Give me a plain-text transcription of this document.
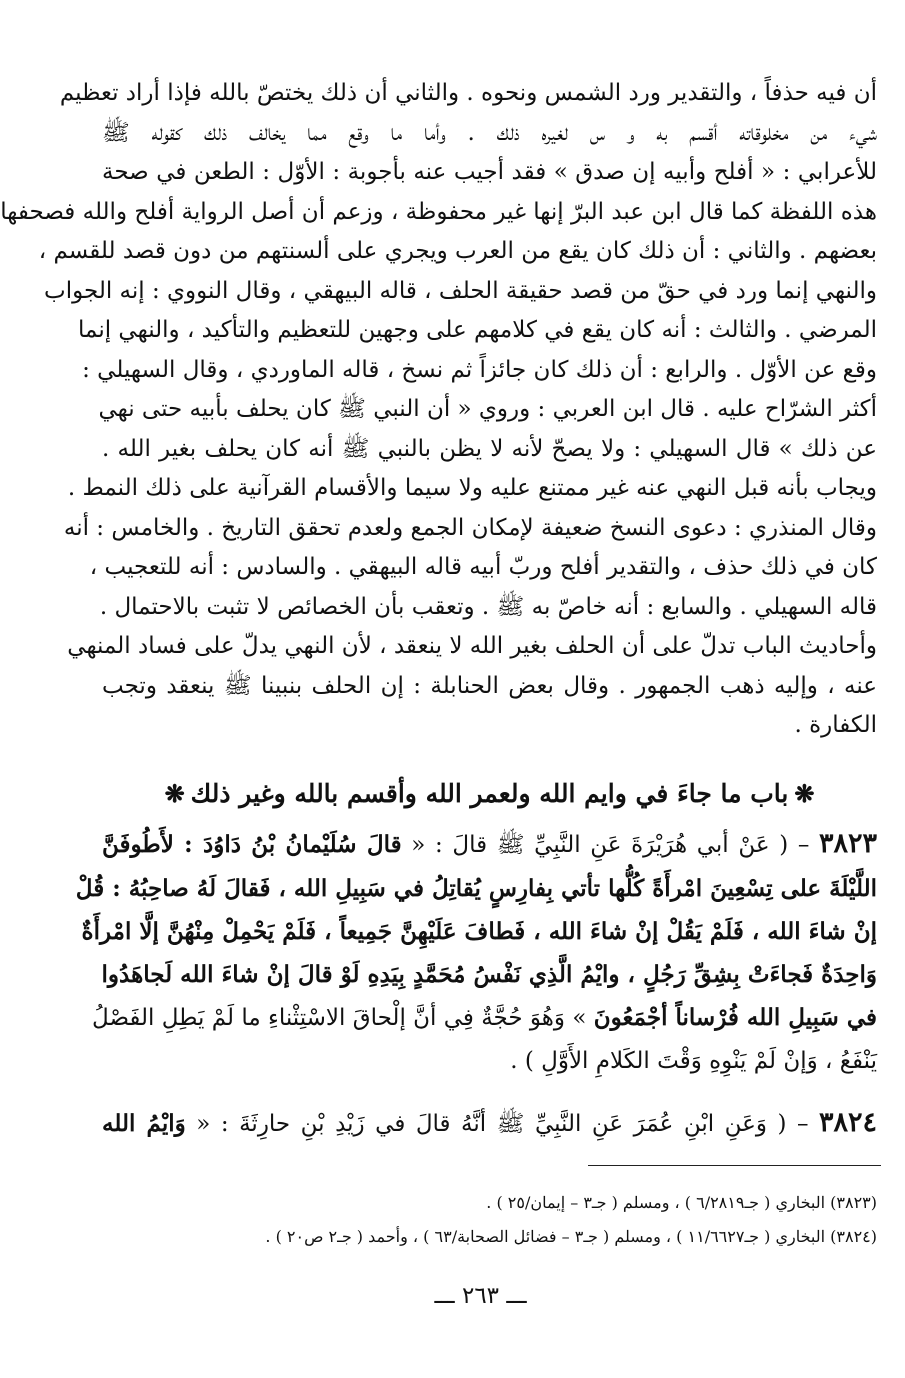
أن فيه حذفاً ، والتقدير ورد الشمس ونحوه . والثاني أن ذلك يختصّ بالله فإذا أراد تعظيم
شيء من مخلوقاته أقسم به و س لغيره ذلك . وأما ما وقع مما يخالف ذلك كقوله ﷺ
للأعرابي : « أفلح وأبيه إن صدق » فقد أجيب عنه بأجوبة : الأوّل : الطعن في صحة
هذه اللفظة كما قال ابن عبد البرّ إنها غير محفوظة ، وزعم أن أصل الرواية أفلح والله فصحفها
بعضهم . والثاني : أن ذلك كان يقع من العرب ويجري على ألسنتهم من دون قصد للقسم ،
والنهي إنما ورد في حقّ من قصد حقيقة الحلف ، قاله البيهقي ، وقال النووي : إنه الجواب
المرضي . والثالث : أنه كان يقع في كلامهم على وجهين للتعظيم والتأكيد ، والنهي إنما
وقع عن الأوّل . والرابع : أن ذلك كان جائزاً ثم نسخ ، قاله الماوردي ، وقال السهيلي :
أكثر الشرّاح عليه . قال ابن العربي : وروي « أن النبي ﷺ كان يحلف بأبيه حتى نهي
عن ذلك » قال السهيلي : ولا يصحّ لأنه لا يظن بالنبي ﷺ أنه كان يحلف بغير الله .
ويجاب بأنه قبل النهي عنه غير ممتنع عليه ولا سيما والأقسام القرآنية على ذلك النمط .
وقال المنذري : دعوى النسخ ضعيفة لإمكان الجمع ولعدم تحقق التاريخ . والخامس : أنه
كان في ذلك حذف ، والتقدير أفلح وربّ أبيه قاله البيهقي . والسادس : أنه للتعجيب ،
قاله السهيلي . والسابع : أنه خاصّ به ﷺ . وتعقب بأن الخصائص لا تثبت بالاحتمال .
وأحاديث الباب تدلّ على أن الحلف بغير الله لا ينعقد ، لأن النهي يدلّ على فساد المنهي
عنه ، وإليه ذهب الجمهور . وقال بعض الحنابلة : إن الحلف بنبينا ﷺ ينعقد وتجب
الكفارة .
❋باب ما جاءَ في وايم الله ولعمر الله وأقسم بالله وغير ذلك❋
٣٨٢٣ – ( عَنْ أبي هُرَيْرَةَ عَنِ النَّبِيِّ ﷺ قالَ : « قالَ سُلَيْمانُ بْنُ دَاوُدَ : لأَطُوفَنَّ
اللَّيْلَةَ على تِسْعِينَ امْرأَةً كُلُّها تأتي بِفارِسٍ يُقاتِلُ في سَبِيلِ الله ، فَقالَ لَهُ صاحِبُهُ : قُلْ
إنْ شاءَ الله ، فَلَمْ يَقُلْ إنْ شاءَ الله ، فَطافَ عَلَيْهِنَّ جَمِيعاً ، فَلَمْ يَحْمِلْ مِنْهُنَّ إلَّا امْرأَةٌ
وَاحِدَةٌ فَجاءَتْ بِشِقِّ رَجُلٍ ، وايْمُ الَّذِي نَفْسُ مُحَمَّدٍ بِيَدِهِ لَوْ قالَ إنْ شاءَ الله لَجاهَدُوا
في سَبِيلِ الله فُرْساناً أجْمَعُونَ » وَهُوَ حُجَّةٌ فِي أنَّ إلْحاقَ الاسْتِثْناءِ ما لَمْ يَطِلِ الفَصْلُ
يَنْفَعُ ، وَإنْ لَمْ يَنْوِهِ وَقْتَ الكَلامِ الأَوَّلِ ) .
٣٨٢٤ – ( وَعَنِ ابْنِ عُمَرَ عَنِ النَّبِيِّ ﷺ أنَّهُ قالَ في زَيْدِ بْنِ حارِثَةَ : « وَايْمُ الله
(٣٨٢٣) البخاري ( جـ٦/٢٨١٩ ) ، ومسلم ( جـ٣ – إيمان/٢٥ ) .
(٣٨٢٤) البخاري ( جـ١١/٦٦٢٧ ) ، ومسلم ( جـ٣ – فضائل الصحابة/٦٣ ) ، وأحمد ( جـ٢ ص٢٠ ) .
ـــ ٢٦٣ ـــ
